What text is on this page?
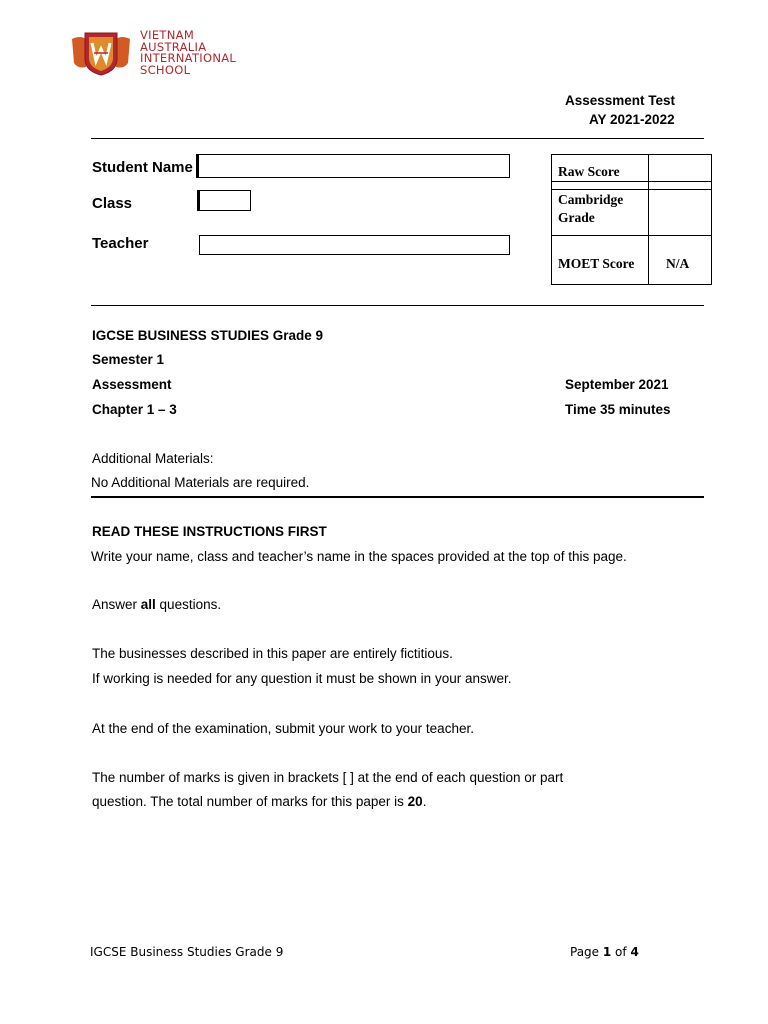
VIETNAM
AUSTRALIA
INTERNATIONAL
SCHOOL
Assessment Test
AY 2021-2022
Student Name
Class
Teacher
Raw Score
Cambridge
Grade
MOET Score N/A
IGCSE BUSINESS STUDIES Grade 9
Semester 1
Assessment	September 2021
Chapter 1 – 3	Time 35 minutes
Additional Materials:
No Additional Materials are required.
READ THESE INSTRUCTIONS FIRST
Write your name, class and teacher’s name in the spaces provided at the top of this page.
Answer all questions.
The businesses described in this paper are entirely fictitious.
If working is needed for any question it must be shown in your answer.
At the end of the examination, submit your work to your teacher.
The number of marks is given in brackets [ ] at the end of each question or part
question. The total number of marks for this paper is 20.
IGCSE Business Studies Grade 9	Page 1 of 4
